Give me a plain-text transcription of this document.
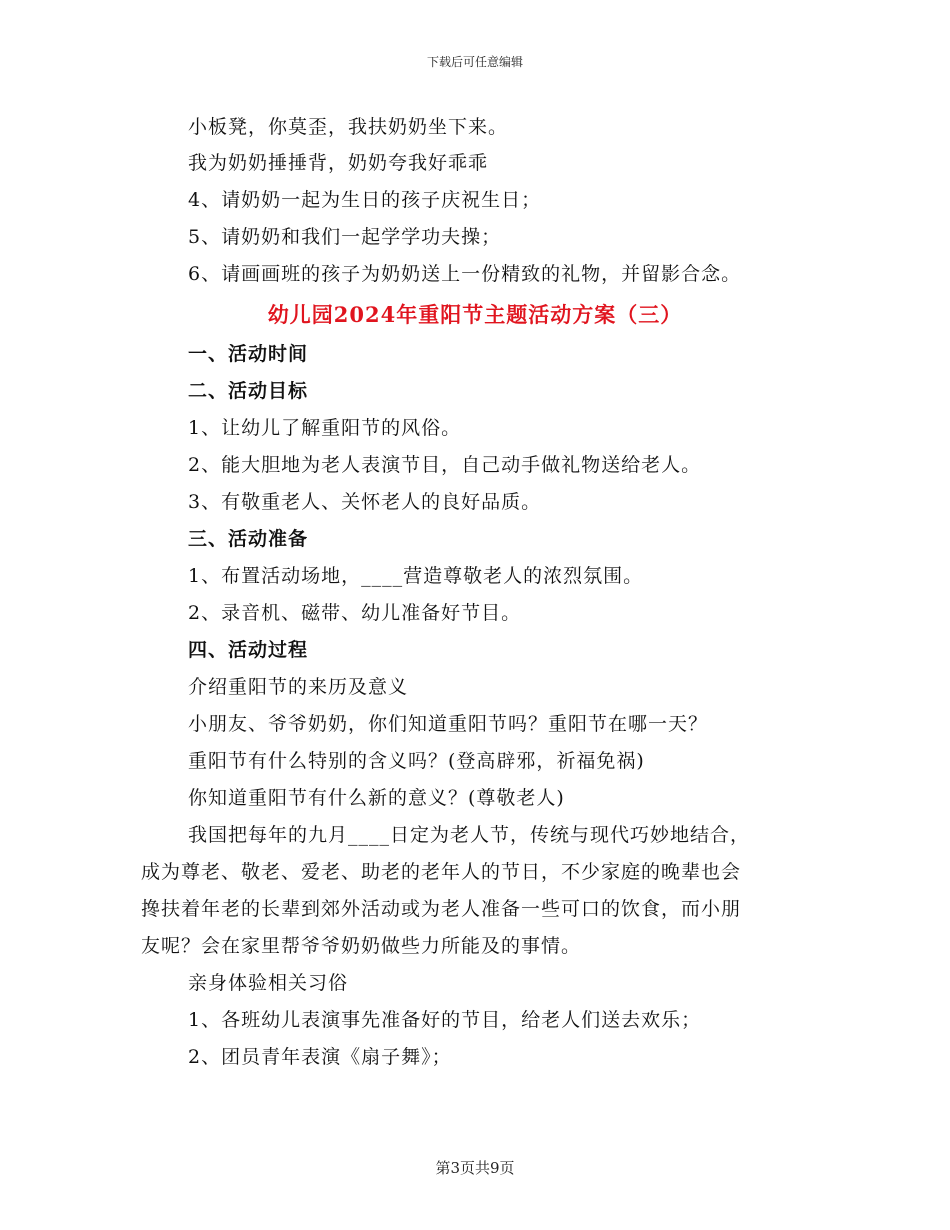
下载后可任意编辑
小板凳，你莫歪，我扶奶奶坐下来。
我为奶奶捶捶背，奶奶夸我好乖乖
4、请奶奶一起为生日的孩子庆祝生日；
5、请奶奶和我们一起学学功夫操；
6、请画画班的孩子为奶奶送上一份精致的礼物，并留影合念。
幼儿园2024年重阳节主题活动方案（三）
一、活动时间
二、活动目标
1、让幼儿了解重阳节的风俗。
2、能大胆地为老人表演节目，自己动手做礼物送给老人。
3、有敬重老人、关怀老人的良好品质。
三、活动准备
1、布置活动场地，____营造尊敬老人的浓烈氛围。
2、录音机、磁带、幼儿准备好节目。
四、活动过程
介绍重阳节的来历及意义
小朋友、爷爷奶奶，你们知道重阳节吗？重阳节在哪一天？
重阳节有什么特别的含义吗？(登高辟邪，祈福免祸)
你知道重阳节有什么新的意义？(尊敬老人)
我国把每年的九月____日定为老人节，传统与现代巧妙地结合，
成为尊老、敬老、爱老、助老的老年人的节日，不少家庭的晚辈也会
搀扶着年老的长辈到郊外活动或为老人准备一些可口的饮食，而小朋
友呢？会在家里帮爷爷奶奶做些力所能及的事情。
亲身体验相关习俗
1、各班幼儿表演事先准备好的节目，给老人们送去欢乐；
2、团员青年表演《扇子舞》；
第3页共9页
